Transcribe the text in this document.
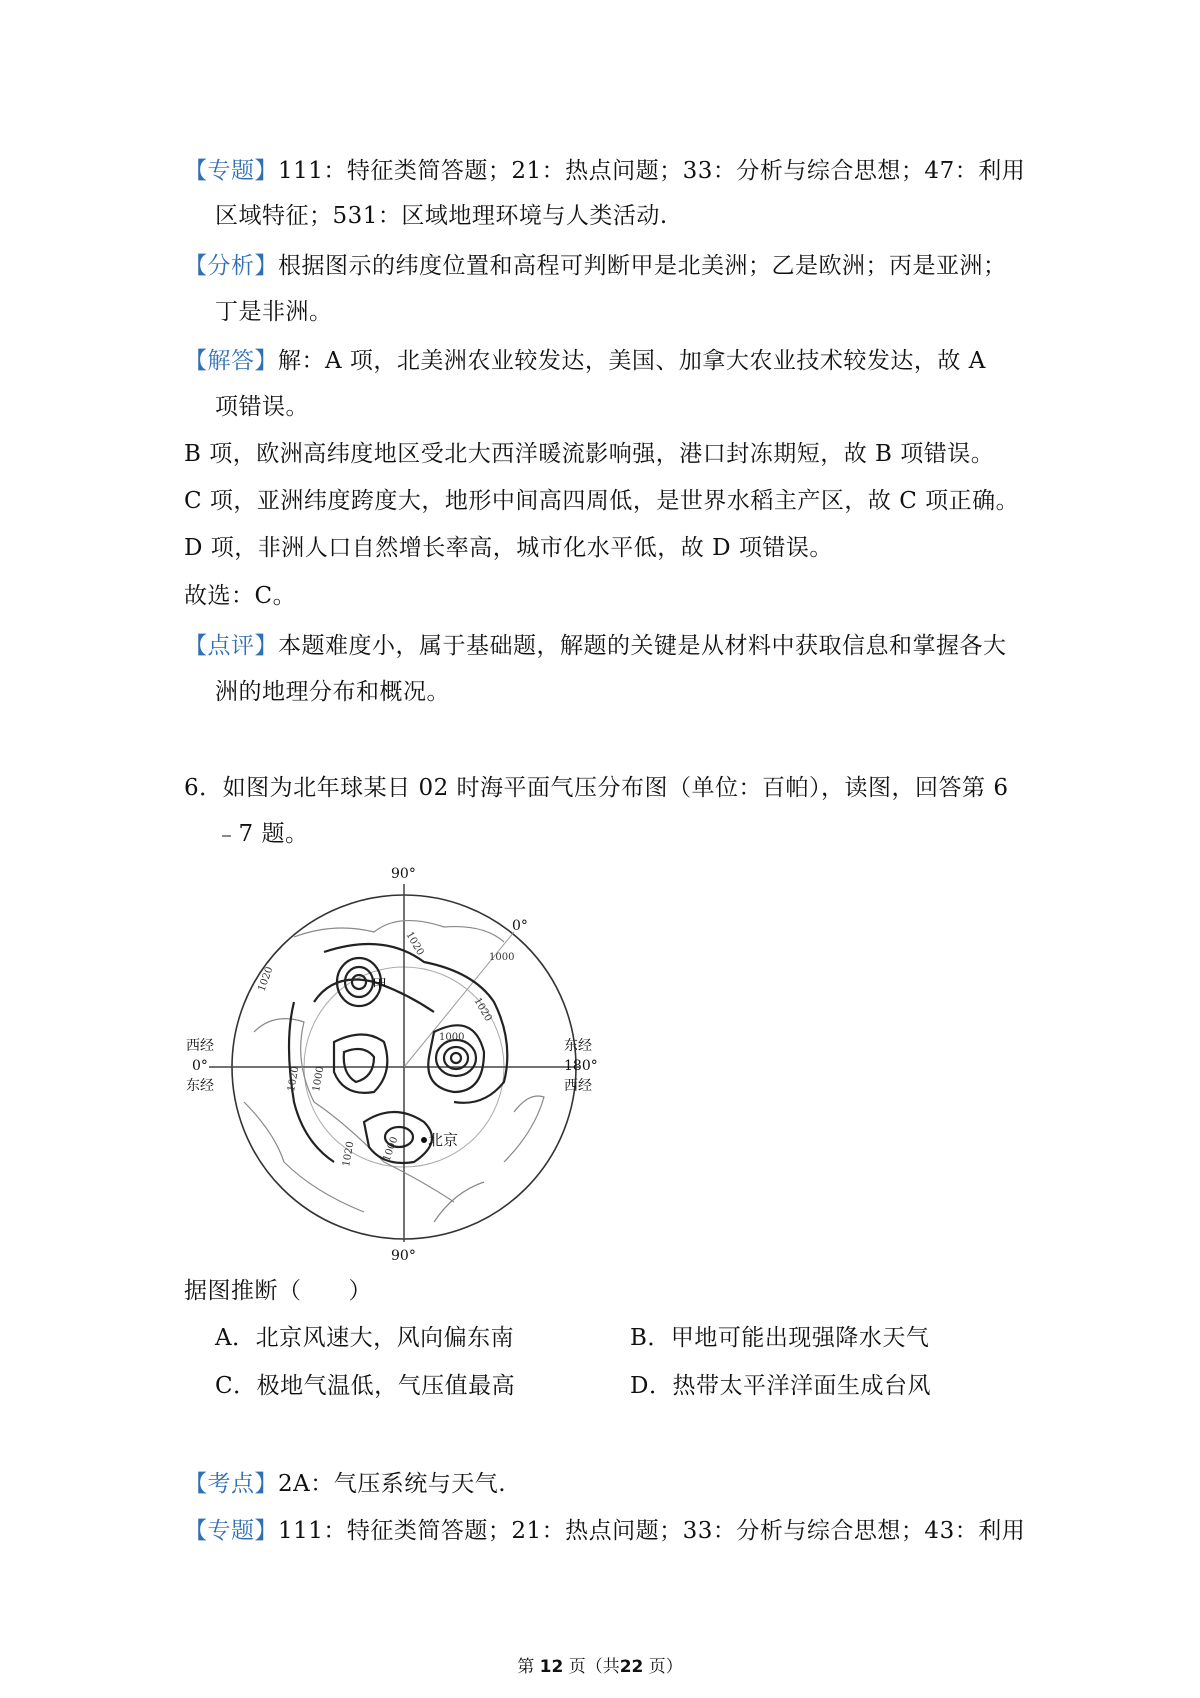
【专题】111：特征类简答题；21：热点问题；33：分析与综合思想；47：利用
区域特征；531：区域地理环境与人类活动.
【分析】根据图示的纬度位置和高程可判断甲是北美洲；乙是欧洲；丙是亚洲；
丁是非洲。
【解答】解：A 项，北美洲农业较发达，美国、加拿大农业技术较发达，故 A
项错误。
B 项，欧洲高纬度地区受北大西洋暖流影响强，港口封冻期短，故 B 项错误。
C 项，亚洲纬度跨度大，地形中间高四周低，是世界水稻主产区，故 C 项正确。
D 项，非洲人口自然增长率高，城市化水平低，故 D 项错误。
故选：C。
【点评】本题难度小，属于基础题，解题的关键是从材料中获取信息和掌握各大
洲的地理分布和概况。
6．如图为北年球某日 02 时海平面气压分布图（单位：百帕），读图，回答第 6
﹣7 题。
90°
90°
西经
0°
东经
东经
180°
西经
0°
甲
北京
1020
1020
1000
1020
1020 1000
1020	1000
1000
据图推断（　　）
A．北京风速大，风向偏东南	B．甲地可能出现强降水天气
C．极地气温低，气压值最高	D．热带太平洋洋面生成台风
【考点】2A：气压系统与天气.
【专题】111：特征类简答题；21：热点问题；33：分析与综合思想；43：利用
第 12 页（共22 页）
